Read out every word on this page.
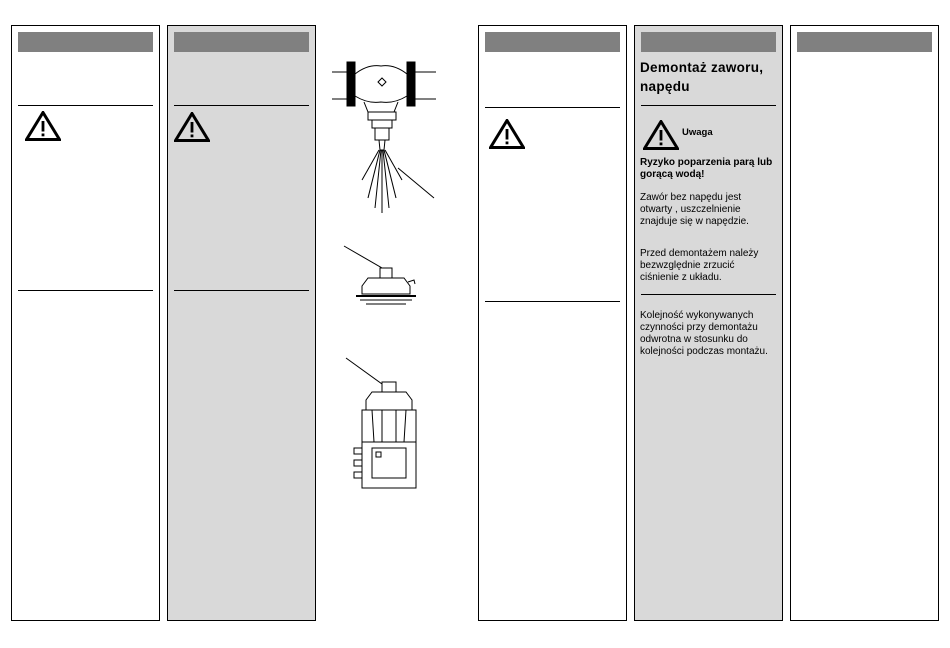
Demontaż zaworu, napędu
Uwaga
Ryzyko poparzenia parą lub gorącą wodą!
Zawór bez napędu jest otwarty , uszczelnienie znajduje się w napędzie.
Przed demontażem należy bezwzględnie zrzucić ciśnienie z układu.
Kolejność wykonywanych czynności przy demontażu odwrotna w stosunku do kolejności podczas montażu.
